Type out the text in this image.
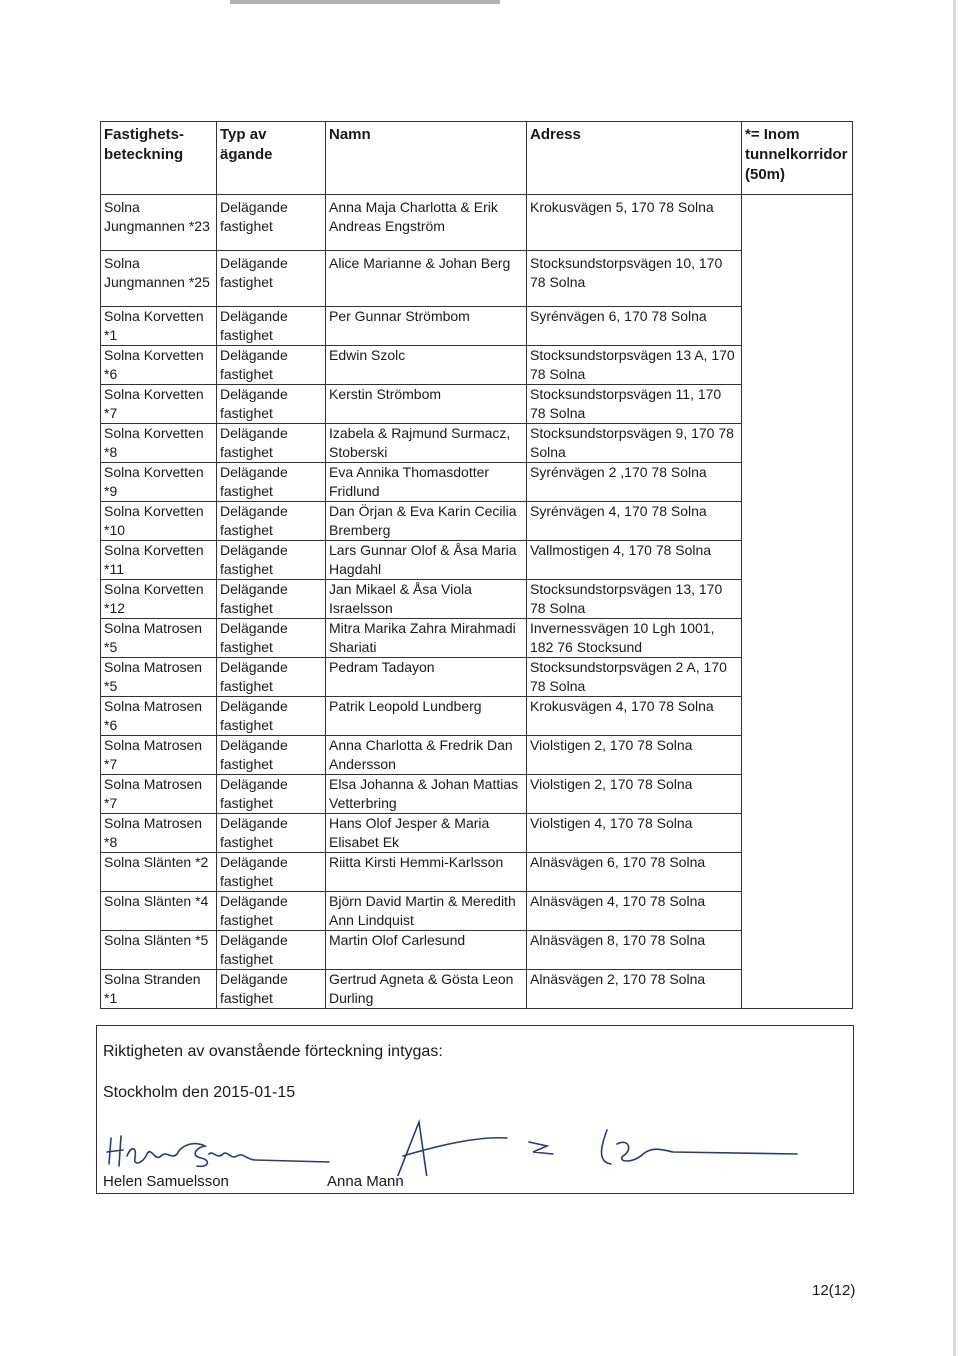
Fastighets-beteckning	Typ av ägande	Namn	Adress	*= Inom tunnelkorridor (50m)
Solna Jungmannen *23	Delägande fastighet	Anna Maja Charlotta & Erik Andreas Engström	Krokusvägen 5, 170 78 Solna	
Solna Jungmannen *25	Delägande fastighet	Alice Marianne & Johan Berg	Stocksundstorpsvägen 10, 170 78 Solna	
Solna Korvetten *1	Delägande fastighet	Per Gunnar Strömbom	Syrénvägen 6, 170 78 Solna	
Solna Korvetten *6	Delägande fastighet	Edwin Szolc	Stocksundstorpsvägen 13 A, 170 78 Solna	
Solna Korvetten *7	Delägande fastighet	Kerstin Strömbom	Stocksundstorpsvägen 11, 170 78 Solna	
Solna Korvetten *8	Delägande fastighet	Izabela & Rajmund Surmacz, Stoberski	Stocksundstorpsvägen 9, 170 78 Solna	
Solna Korvetten *9	Delägande fastighet	Eva Annika Thomasdotter Fridlund	Syrénvägen 2 ,170 78 Solna	
Solna Korvetten *10	Delägande fastighet	Dan Örjan & Eva Karin Cecilia Bremberg	Syrénvägen 4, 170 78 Solna	
Solna Korvetten *11	Delägande fastighet	Lars Gunnar Olof & Åsa Maria Hagdahl	Vallmostigen 4, 170 78 Solna	
Solna Korvetten *12	Delägande fastighet	Jan Mikael & Åsa Viola Israelsson	Stocksundstorpsvägen 13, 170 78 Solna	
Solna Matrosen *5	Delägande fastighet	Mitra Marika Zahra Mirahmadi Shariati	Invernessvägen 10 Lgh 1001, 182 76 Stocksund	
Solna Matrosen *5	Delägande fastighet	Pedram Tadayon	Stocksundstorpsvägen 2 A, 170 78 Solna	
Solna Matrosen *6	Delägande fastighet	Patrik Leopold Lundberg	Krokusvägen 4, 170 78 Solna	
Solna Matrosen *7	Delägande fastighet	Anna Charlotta & Fredrik Dan Andersson	Violstigen 2, 170 78 Solna	
Solna Matrosen *7	Delägande fastighet	Elsa Johanna & Johan Mattias Vetterbring	Violstigen 2, 170 78 Solna	
Solna Matrosen *8	Delägande fastighet	Hans Olof Jesper & Maria Elisabet Ek	Violstigen 4, 170 78 Solna	
Solna Slänten *2	Delägande fastighet	Riitta Kirsti Hemmi-Karlsson	Alnäsvägen 6, 170 78 Solna	
Solna Slänten *4	Delägande fastighet	Björn David Martin & Meredith Ann Lindquist	Alnäsvägen 4, 170 78 Solna	
Solna Slänten *5	Delägande fastighet	Martin Olof Carlesund	Alnäsvägen 8, 170 78 Solna	
Solna Stranden *1	Delägande fastighet	Gertrud Agneta & Gösta Leon Durling	Alnäsvägen 2, 170 78 Solna	
Riktigheten av ovanstående förteckning intygas:
Stockholm den 2015-01-15
Helen Samuelsson	Anna Mann
12(12)
